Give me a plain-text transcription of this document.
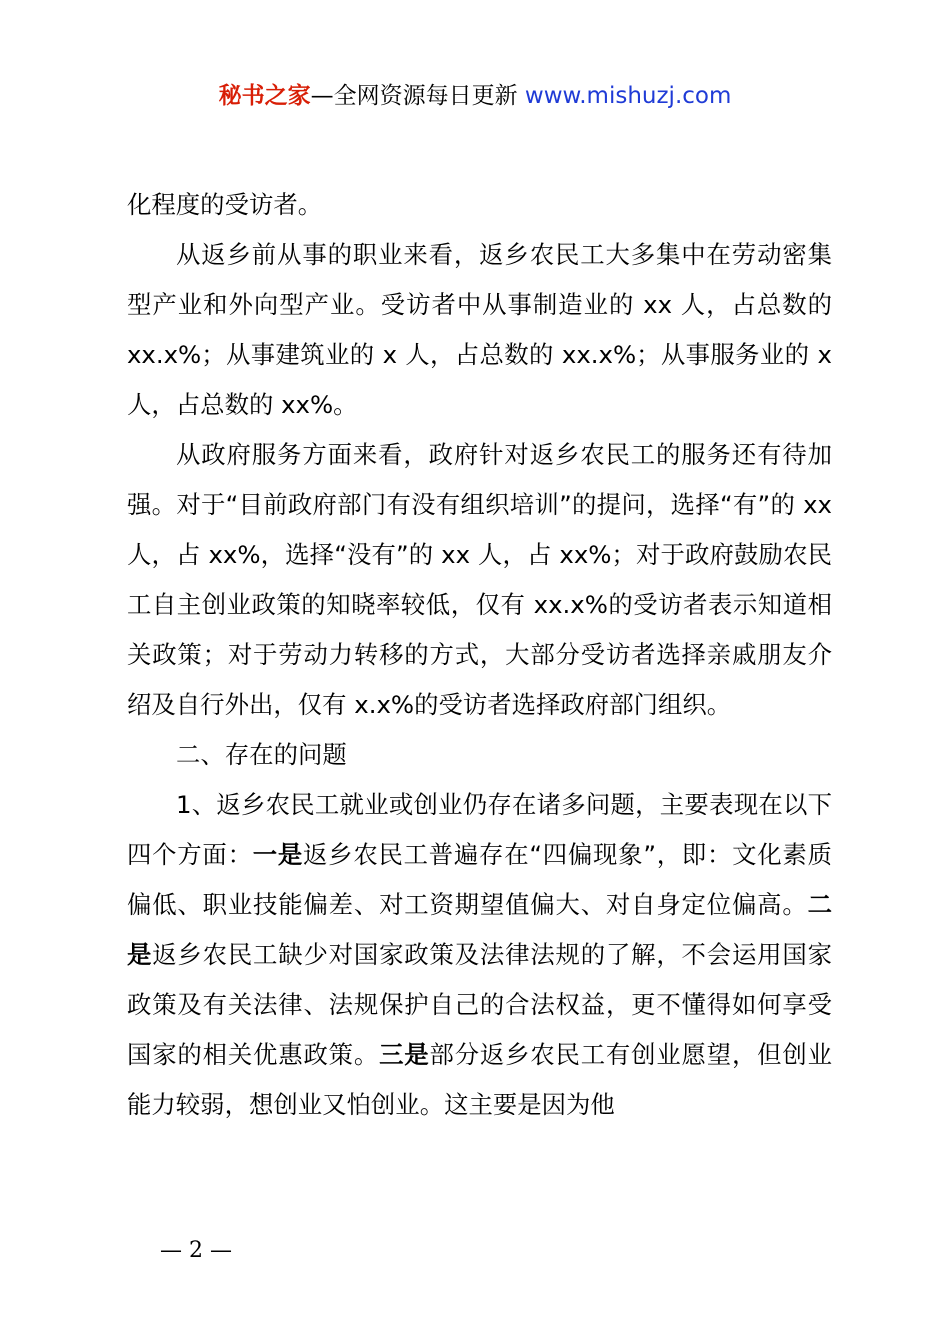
秘书之家—全网资源每日更新 www.mishuzj.com

化程度的受访者。

从返乡前从事的职业来看，返乡农民工大多集中在劳动密集型产业和外向型产业。受访者中从事制造业的 xx 人，占总数的 xx.x%；从事建筑业的 x 人，占总数的 xx.x%；从事服务业的 x 人，占总数的 xx%。

从政府服务方面来看，政府针对返乡农民工的服务还有待加强。对于“目前政府部门有没有组织培训”的提问，选择“有”的 xx 人，占 xx%，选择“没有”的 xx 人，占 xx%；对于政府鼓励农民工自主创业政策的知晓率较低，仅有 xx.x%的受访者表示知道相关政策；对于劳动力转移的方式，大部分受访者选择亲戚朋友介绍及自行外出，仅有 x.x%的受访者选择政府部门组织。

二、存在的问题

1、返乡农民工就业或创业仍存在诸多问题，主要表现在以下四个方面：一是返乡农民工普遍存在“四偏现象”，即：文化素质偏低、职业技能偏差、对工资期望值偏大、对自身定位偏高。二是返乡农民工缺少对国家政策及法律法规的了解，不会运用国家政策及有关法律、法规保护自己的合法权益，更不懂得如何享受国家的相关优惠政策。三是部分返乡农民工有创业愿望，但创业能力较弱，想创业又怕创业。这主要是因为他

— 2 —
